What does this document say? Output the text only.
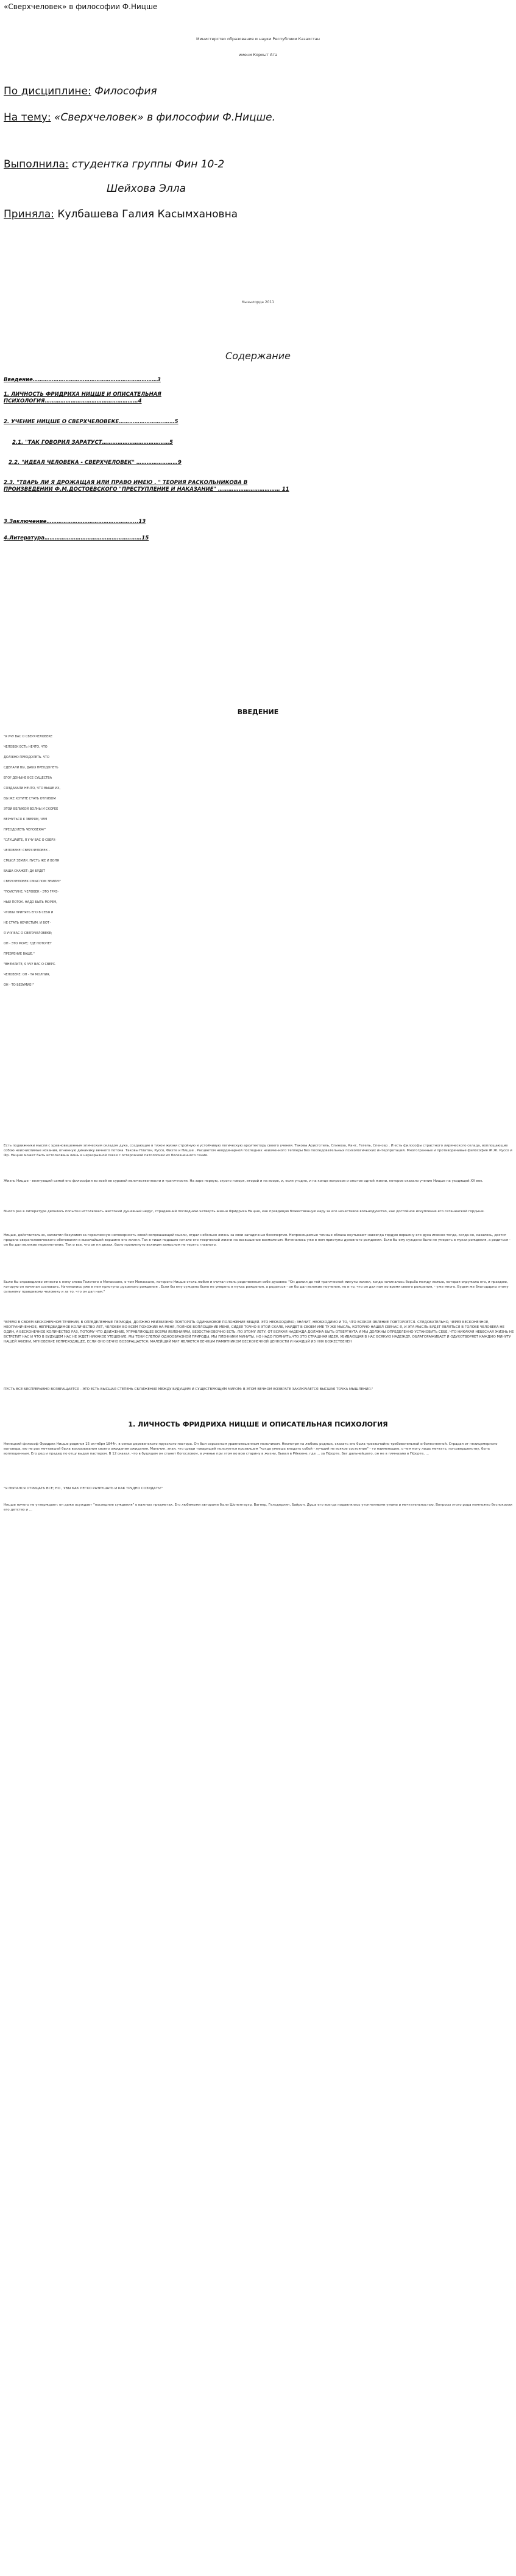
«Сверхчеловек» в философии Ф.Ницше
Министерство образования и науки Республики Казахстан
имени Коркыт Ата
По дисциплине: Философия
На тему: «Сверхчеловек» в философии Ф.Ницше.
Выполнила: студентка группы Фин 10-2
Шейхова Элла
Приняла: Кулбашева Галия Касымхановна
Кызылорда 2011
Содержание
Введение………………………………………………………………3
1. ЛИЧНОСТЬ ФРИДРИХА НИЦШЕ И ОПИСАТЕЛЬНАЯ ПСИХОЛОГИЯ………………………………………………4
2. УЧЕНИЕ НИЦШЕ О СВЕРХЧЕЛОВЕКЕ……………………..……5
2.1. "ТАК ГОВОРИЛ ЗАРАТУСТ…………………………………5
2.2. "ИДЕАЛ ЧЕЛОВЕКА - СВЕРХЧЕЛОВЕК" ……………………9
2.3. "ТВАРЬ ЛИ Я ДРОЖАЩАЯ ИЛИ ПРАВО ИМЕЮ . " ТЕОРИЯ РАСКОЛЬНИКОВА В ПРОИЗВЕДЕНИИ Ф.М.ДОСТОЕВСКОГО "ПРЕСТУПЛЕНИЕ И НАКАЗАНИЕ" ……………………………… 11
3.Заключение……………………………………………..13
4.Литература…………………………………………..……15
ВВЕДЕНИЕ

"Я УЧУ ВАС О СВЕРХЧЕЛОВЕКЕ

ЧЕЛОВЕК ЕСТЬ НЕЧТО, ЧТО

ДОЛЖНО ПРЕОДОЛЕТЬ. ЧТО

СДЕЛАЛИ ВЫ, ДАБЫ ПРЕОДОЛЕТЬ

ЕГО? ДОНЫНЕ ВСЕ СУЩЕСТВА

СОЗДАВАЛИ НЕЧТО, ЧТО ВЫШЕ ИХ,

ВЫ ЖЕ ХОТИТЕ СТАТЬ ОТЛИВОМ

ЭТОЙ ВЕЛИКОЙ ВОЛНЫ И СКОРЕЕ

ВЕРНУТЬСЯ К ЗВЕРЯМ, ЧЕМ

ПРЕОДОЛЕТЬ ЧЕЛОВЕКА?"

"СЛУШАЙТЕ, Я УЧУ ВАС О СВЕРХ-

ЧЕЛОВЕКЕ! СВЕРХЧЕЛОВЕК -

СМЫСЛ ЗЕМЛИ. ПУСТЬ ЖЕ И ВОЛЯ

ВАША СКАЖЕТ: ДА БУДЕТ

СВЕРХЧЕЛОВЕК СМЫСЛОМ ЗЕМЛИ!"

"ПОИСТИНЕ, ЧЕЛОВЕК - ЭТО ГРЯЗ-

НЫЙ ПОТОК. НАДО БЫТЬ МОРЕМ,

ЧТОБЫ ПРИНЯТЬ ЕГО В СЕБЯ И

НЕ СТАТЬ НЕЧИСТЫМ. И ВОТ -

Я УЧУ ВАС О СВЕРХЧЕЛОВЕКЕ;

ОН - ЭТО МОРЕ; ГДЕ ПОТОНЕТ

ПРЕЗРЕНИЕ ВАШЕ."

"ВНЕМЛИТЕ, Я УЧУ ВАС О СВЕРХ-

ЧЕЛОВЕКЕ: ОН - ТА МОЛНИЯ,

ОН - ТО БЕЗУМИЕ!"

Есть подвижники мысли с уравновешенным эпическим складом духа, создающие в тихом жизни стройную и устойчивую логическую архитектуру своего учения. Таковы Аристотель, Спиноза, Кант, Гегель, Спенсер . И есть философы страстного лирического склада, воплощающие собою неисчислимые искания, огненную динамику вечного потока. Таковы Платон, Руссо, Фихте и Ницше . Расцветом неординарной последних неизменного теплеры без последовательных психологических интерпретаций. Многогранные и противоречивые философия Ж.Ж. Руссо и Фр. Ницше может быть истолкована лишь в неразрывной связи с остерожной патологией их болезненного гения.

Жизнь Ницше - волнующий самой его философии во всей ее суровой величественности и трагичности. На заре первую, строго говоря, второй и на вооре, и, если угодно, и на конце вопросов и опытов одной жизни, которое оказало учение Ницше на уходящей XX век.

Много раз в литературе делались попытки истолковать жестокий душевный недуг, страдавший последнюю четверть жизни Фридриха Ницше, как правдивую божественную кару за его нечестивое вольнодумство, как достойное искупление его сатанинской гордыни.

Ницше, действительно, заплатил безумием за героическую непокорность своей вопрошающей мысли, отдал небольно жизнь за свои загадочные бессмертия. Непроницаемые темные облака окутывают навсегда гордую вершину его духа именно тогда, когда он, казалось, достиг предела сверхчеловеческого обетования в высочайшей вершине его жизни. Так в тиши подошло начало его творческой жизни на возвышение возможным. Начиналось уже в нем приступы духовного рождения. Если бы ему суждено было не умереть в муках рождения, а родиться - он бы дал великие переплетение. Так и все, что он ни делал, было проникнуто великим замыслом не терять главного.

Было бы справедливо отнести к нему слова Толстого о Мопассане, о том Мопассане, которого Ницше столь любил и считал столь родственным себе духовно: "Он дожил до той трагической минуты жизни, когда начинались борьба между ложью, которая окружала его, и правдою, которую он начинал сознавать. Начинались уже в нем приступы духовного рождения . Если бы ему суждено было не умереть в муках рождения, а родиться - он бы дал великие поучения, но и то, что он дал нам во время своего рождения, - уже много. Будем же благодарны этому сильному правдивому человеку и за то, что он дал нам."

"ВРЕМЯ В СВОЕМ БЕСКОНЕЧНОМ ТЕЧЕНИИ, В ОПРЕДЕЛЕННЫЕ ПЕРИОДЫ, ДОЛЖНО НЕИЗБЕЖНО ПОВТОРЯТЬ ОДИНАКОВОЕ ПОЛОЖЕНИЕ ВЕЩЕЙ. ЭТО НЕОБХОДИМО; ЗНАЧИТ, НЕОБХОДИМО И ТО, ЧТО ВСЯКОЕ ЯВЛЕНИЕ ПОВТОРЯЕТСЯ. СЛЕДОВАТЕЛЬНО, ЧЕРЕЗ БЕСКОНЕЧНОЕ, НЕОГРАНИЧЕННОЕ, НЕПРЕДВИДИМОЕ КОЛИЧЕСТВО ЛЕТ, ЧЕЛОВЕК ВО ВСЕМ ПОХОЖИЙ НА МЕНЯ, ПОЛНОЕ ВОПЛОЩЕНИЕ МЕНЯ, СИДЕЯ ТОЧНО В ЭТОЙ СКАЛЕ, НАЙДЕТ В СВОЕМ УМЕ ТУ ЖЕ МЫСЛЬ, КОТОРУЮ НАШЕЛ СЕЙЧАС Я, И ЭТА МЫСЛЬ БУДЕТ ЯВЛЯТЬСЯ В ГОЛОВЕ ЧЕЛОВЕКА НЕ ОДИН, А БЕСКОНЕЧНОЕ КОЛИЧЕСТВО РАЗ, ПОТОМУ ЧТО ДВИЖЕНИЕ, УПРАВЛЯЮЩЕЕ ВСЕМИ ЯВЛЕНИЯМИ, БЕЗОСТАНОВОЧНО ЕСТЬ. ПО ЭТОМУ ЛЕТУ, ОТ ВСЯКАЯ НАДЕЖДА ДОЛЖНА БЫТЬ ОТВЕРГНУТА И МЫ ДОЛЖНЫ ОПРЕДЕЛЕННО УСТАНОВИТЬ СЕБЕ, ЧТО НИКАКАЯ НЕБЕСНАЯ ЖИЗНЬ НЕ ВСТРЕТИТ НАС И ЧТО В БУДУЩЕМ НАС НЕ ЖДЕТ НИКАКОЕ УТЕШЕНИЕ. МЫ ТЕНИ СЛЕПОЙ ОДНООБРАЗНОЙ ПРИРОДЫ, МЫ ПЛЕННИКИ МИНУТЫ. НО НАДО ПОМНИТЬ,ЧТО ЭТО СТРАШНАЯ ИДЕЯ, УБИВАЮЩАЯ В НАС ВСЯКУЮ НАДЕЖДУ, ОБЛАГОРАЖИВАЕТ И ОДУХОТВОРЯЕТ КАЖДУЮ МИНУТУ НАШЕЙ ЖИЗНИ, МГНОВЕНИЕ НЕПРЕХОДЯЩЕЕ, ЕСЛИ ОНО ВЕЧНО ВОЗВРАЩАЕТСЯ: МАЛЕЙШИЙ МИГ ЯВЛЯЕТСЯ ВЕЧНЫМ ПАМЯТНИКОМ БЕСКОНЕЧНОЙ ЦЕННОСТИ И КАЖДЫЙ ИЗ НИХ БОЖЕСТВЕНЕН

ПУСТЬ ВСЕ БЕСПРЕРЫВНО ВОЗВРАЩАЕТСЯ - ЭТО ЕСТЬ ВЫСШАЯ СТЕПЕНЬ СБЛИЖЕНИЯ МЕЖДУ БУДУЩИМ И СУЩЕСТВУЮЩИМ МИРОМ: В ЭТОМ ВЕЧНОМ ВОЗВРАТЕ ЗАКЛЮЧАЕТСЯ ВЫСШАЯ ТОЧКА МЫШЛЕНИЯ."

1. ЛИЧНОСТЬ ФРИДРИХА НИЦШЕ И ОПИСАТЕЛЬНАЯ ПСИХОЛОГИЯ

Немецкий философ Фридрих Ницше родился 15 октября 1844г. в семье деревенского прусского пастора. Он был серьезным уравновешенным мальчиком. Несмотря на любовь родных, сказать его была чрезвычайно требовательной и болезненной. Страдая от нелицемерного выговора, ею не раз мечтавшей была высказывания своего ожидания ожидания. Мальчик, зная, что среди товарищей пользуется прозвищем "когда умеешь владать собой - лучший не всякое состояние" - то наименьшее, о чем могу лишь мечтать, по-совершенству, быть воплощенным. Его дед и прадед по отцу выдал пастором. В 12 сказал, что в будущем он станет богословом, в ученье при этом во всю старину в жизни, бывал в Рёккене, где ... за Пфорте. Бег дальнейшего, он не в гимназию в Пфорте, ...

"Я ПЫТАЛСЯ ОТРИЦАТЬ ВСЕ; НО , УВЫ КАК ЛЕГКО РАЗРУШАТЬ И КАК ТРУДНО СОЗИДАТЬ!"

Ницше ничего не утверждает: он даже осуждает "последние суждения" о важных предметах. Его любимыми авторами были Шопенгауэр, Вагнер, Гельдерлин, Байрон. Душа его всегда подавлялась утонченными умами и мечтательностью, Вопросы этого рода немножко беспокоили его детство и ...
